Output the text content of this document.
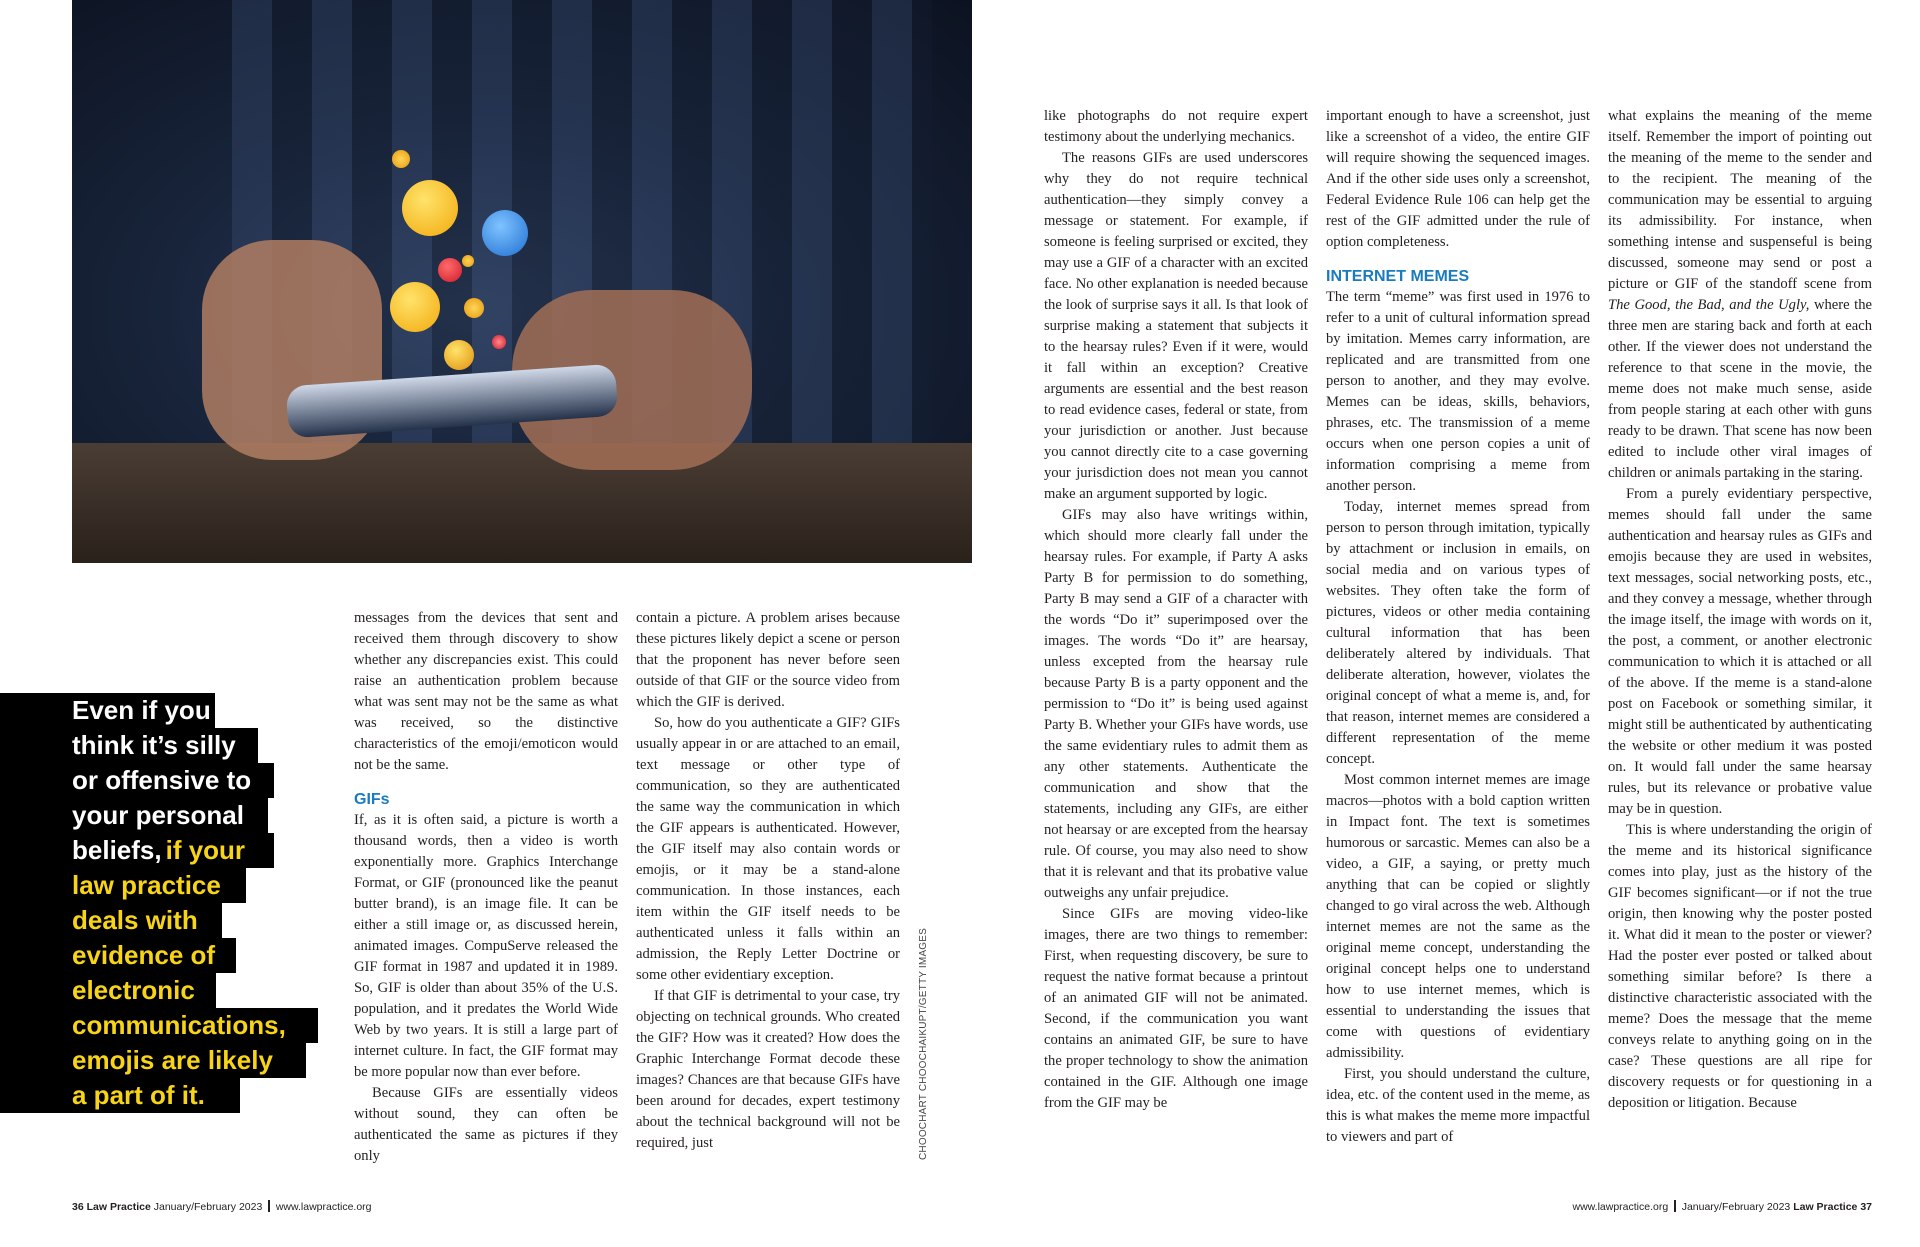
CHOOCHART CHOOCHAIKUPT/GETTY IMAGES
Even if you
think it’s silly
or offensive to
your personal
beliefs, if your
law practice
deals with
evidence of
electronic
communications,
emojis are likely
a part of it.

messages from the devices that sent and received them through discovery to show whether any discrepancies exist. This could raise an authentication problem because what was sent may not be the same as what was received, so the distinctive characteristics of the emoji/emoticon would not be the same.

GIFs

If, as it is often said, a picture is worth a thousand words, then a video is worth exponentially more. Graphics Interchange Format, or GIF (pronounced like the peanut butter brand), is an image file. It can be either a still image or, as discussed herein, animated images. CompuServe released the GIF format in 1987 and updated it in 1989. So, GIF is older than about 35% of the U.S. population, and it predates the World Wide Web by two years. It is still a large part of internet culture. In fact, the GIF format may be more popular now than ever before.

Because GIFs are essentially videos without sound, they can often be authenticated the same as pictures if they only

contain a picture. A problem arises because these pictures likely depict a scene or person that the proponent has never before seen outside of that GIF or the source video from which the GIF is derived.

So, how do you authenticate a GIF? GIFs usually appear in or are attached to an email, text message or other type of communication, so they are authenticated the same way the communication in which the GIF appears is authenticated. However, the GIF itself may also contain words or emojis, or it may be a stand-alone communication. In those instances, each item within the GIF itself needs to be authenticated unless it falls within an admission, the Reply Letter Doctrine or some other evidentiary exception.

If that GIF is detrimental to your case, try objecting on technical grounds. Who created the GIF? How was it created? How does the Graphic Interchange Format decode these images? Chances are that because GIFs have been around for decades, expert testimony about the technical background will not be required, just

like photographs do not require expert testimony about the underlying mechanics.

The reasons GIFs are used underscores why they do not require technical authentication—they simply convey a message or statement. For example, if someone is feeling surprised or excited, they may use a GIF of a character with an excited face. No other explanation is needed because the look of surprise says it all. Is that look of surprise making a statement that subjects it to the hearsay rules? Even if it were, would it fall within an exception? Creative arguments are essential and the best reason to read evidence cases, federal or state, from your jurisdiction or another. Just because you cannot directly cite to a case governing your jurisdiction does not mean you cannot make an argument supported by logic.

GIFs may also have writings within, which should more clearly fall under the hearsay rules. For example, if Party A asks Party B for permission to do something, Party B may send a GIF of a character with the words “Do it” superimposed over the images. The words “Do it” are hearsay, unless excepted from the hearsay rule because Party B is a party opponent and the permission to “Do it” is being used against Party B. Whether your GIFs have words, use the same evidentiary rules to admit them as any other statements. Authenticate the communication and show that the statements, including any GIFs, are either not hearsay or are excepted from the hearsay rule. Of course, you may also need to show that it is relevant and that its probative value outweighs any unfair prejudice.

Since GIFs are moving video-like images, there are two things to remember: First, when requesting discovery, be sure to request the native format because a printout of an animated GIF will not be animated. Second, if the communication you want contains an animated GIF, be sure to have the proper technology to show the animation contained in the GIF. Although one image from the GIF may be

important enough to have a screenshot, just like a screenshot of a video, the entire GIF will require showing the sequenced images. And if the other side uses only a screenshot, Federal Evidence Rule 106 can help get the rest of the GIF admitted under the rule of option completeness.

INTERNET MEMES

The term “meme” was first used in 1976 to refer to a unit of cultural information spread by imitation. Memes carry information, are replicated and are transmitted from one person to another, and they may evolve. Memes can be ideas, skills, behaviors, phrases, etc. The transmission of a meme occurs when one person copies a unit of information comprising a meme from another person.

Today, internet memes spread from person to person through imitation, typically by attachment or inclusion in emails, on social media and on various types of websites. They often take the form of pictures, videos or other media containing cultural information that has been deliberately altered by individuals. That deliberate alteration, however, violates the original concept of what a meme is, and, for that reason, internet memes are considered a different representation of the meme concept.

Most common internet memes are image macros—photos with a bold caption written in Impact font. The text is sometimes humorous or sarcastic. Memes can also be a video, a GIF, a saying, or pretty much anything that can be copied or slightly changed to go viral across the web. Although internet memes are not the same as the original meme concept, understanding the original concept helps one to understand how to use internet memes, which is essential to understanding the issues that come with questions of evidentiary admissibility.

First, you should understand the culture, idea, etc. of the content used in the meme, as this is what makes the meme more impactful to viewers and part of

what explains the meaning of the meme itself. Remember the import of pointing out the meaning of the meme to the sender and to the recipient. The meaning of the communication may be essential to arguing its admissibility. For instance, when something intense and suspenseful is being discussed, someone may send or post a picture or GIF of the standoff scene from The Good, the Bad, and the Ugly, where the three men are staring back and forth at each other. If the viewer does not understand the reference to that scene in the movie, the meme does not make much sense, aside from people staring at each other with guns ready to be drawn. That scene has now been edited to include other viral images of children or animals partaking in the staring.

From a purely evidentiary perspective, memes should fall under the same authentication and hearsay rules as GIFs and emojis because they are used in websites, text messages, social networking posts, etc., and they convey a message, whether through the image itself, the image with words on it, the post, a comment, or another electronic communication to which it is attached or all of the above. If the meme is a stand-alone post on Facebook or something similar, it might still be authenticated by authenticating the website or other medium it was posted on. It would fall under the same hearsay rules, but its relevance or probative value may be in question.

This is where understanding the origin of the meme and its historical significance comes into play, just as the history of the GIF becomes significant—or if not the true origin, then knowing why the poster posted it. What did it mean to the poster or viewer? Had the poster ever posted or talked about something similar before? Is there a distinctive characteristic associated with the meme? Does the message that the meme conveys relate to anything going on in the case? These questions are all ripe for discovery requests or for questioning in a deposition or litigation. Because

36 Law Practice January/February 2023 www.lawpractice.org	www.lawpractice.org January/February 2023 Law Practice 37
